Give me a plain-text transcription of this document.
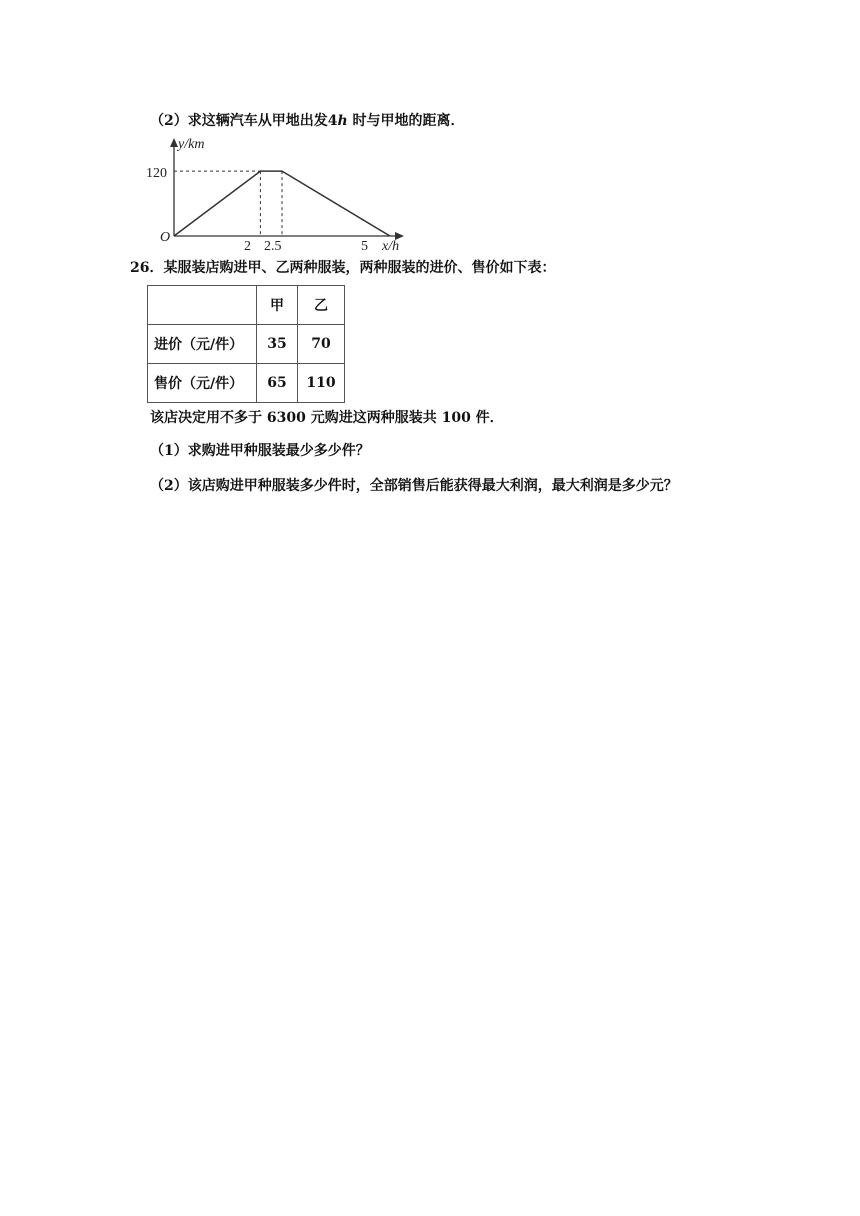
（2）求这辆汽车从甲地出发4h 时与甲地的距离．
y/km
x/h
O
120
2 2.5	5
26．某服装店购进甲、乙两种服装，两种服装的进价、售价如下表：
	甲	乙
进价（元/件）	35	70
售价（元/件）	65	110
该店决定用不多于 6300 元购进这两种服装共 100 件．
（1）求购进甲种服装最少多少件？
（2）该店购进甲种服装多少件时，全部销售后能获得最大利润，最大利润是多少元？
